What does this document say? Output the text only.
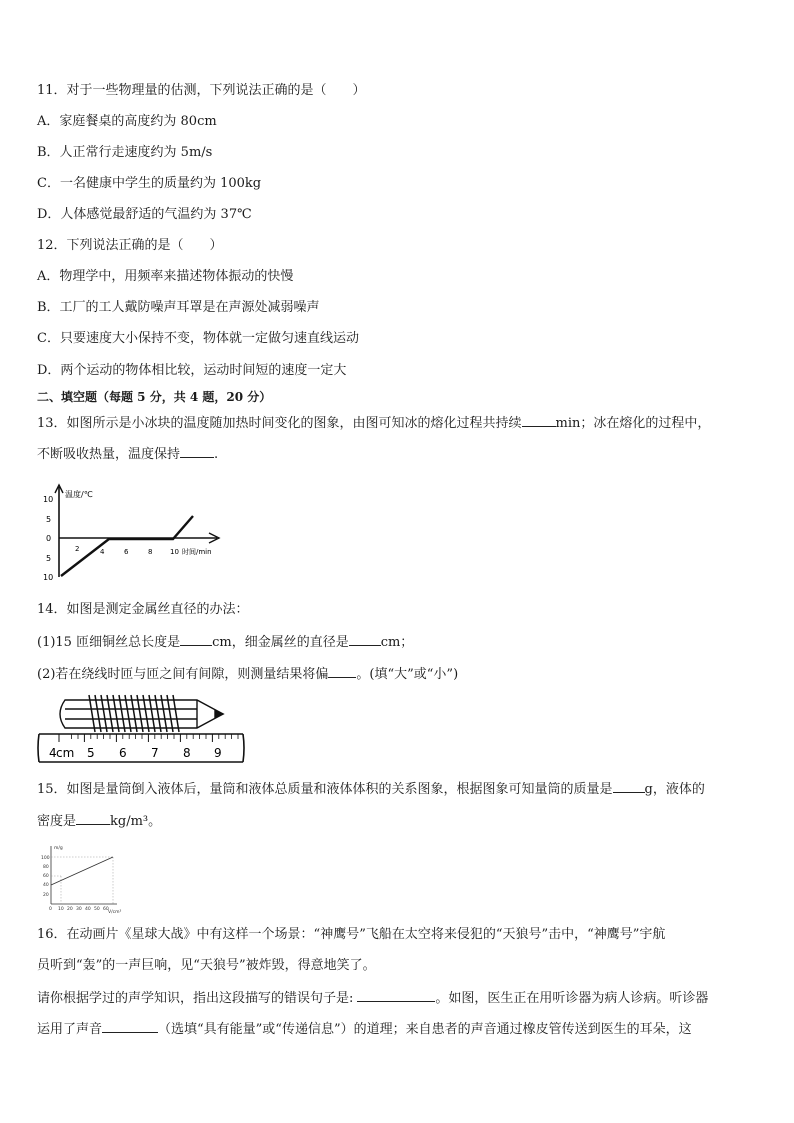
11．对于一些物理量的估测，下列说法正确的是（　　）
A．家庭餐桌的高度约为 80cm
B．人正常行走速度约为 5m/s
C．一名健康中学生的质量约为 100kg
D．人体感觉最舒适的气温约为 37℃
12．下列说法正确的是（　　）
A．物理学中，用频率来描述物体振动的快慢
B．工厂的工人戴防噪声耳罩是在声源处减弱噪声
C．只要速度大小保持不变，物体就一定做匀速直线运动
D．两个运动的物体相比较，运动时间短的速度一定大
二、填空题（每题 5 分，共 4 题，20 分）
13．如图所示是小冰块的温度随加热时间变化的图象，由图可知冰的熔化过程共持续	min；冰在熔化的过程中，
不断吸收热量，温度保持	.
温度/℃
10
5
0
5
10
2	4	6	8	10 时间/min
14．如图是测定金属丝直径的办法：
(1)15 匝细铜丝总长度是 cm，细金属丝的直径是 cm；
(2)若在绕线时匝与匝之间有间隙，则测量结果将偏 。(填“大”或“小”)
4 cm 5 6 7 8 9
15．如图是量筒倒入液体后，量筒和液体总质量和液体体积的关系图象，根据图象可知量筒的质量是 g，液体的
密度是	kg/m³。
m/g
100
80
60
40
20
0 10 20 30 40 50 60
V/cm³
16．在动画片《星球大战》中有这样一个场景：“神鹰号”飞船在太空将来侵犯的“天狼号”击中，“神鹰号”宇航
员听到“轰”的一声巨响，见“天狼号”被炸毁，得意地笑了。
请你根据学过的声学知识，指出这段描写的错误句子是:	。如图，医生正在用听诊器为病人诊病。听诊器
运用了声音	（选填“具有能量”或“传递信息”）的道理；来自患者的声音通过橡皮管传送到医生的耳朵，这
